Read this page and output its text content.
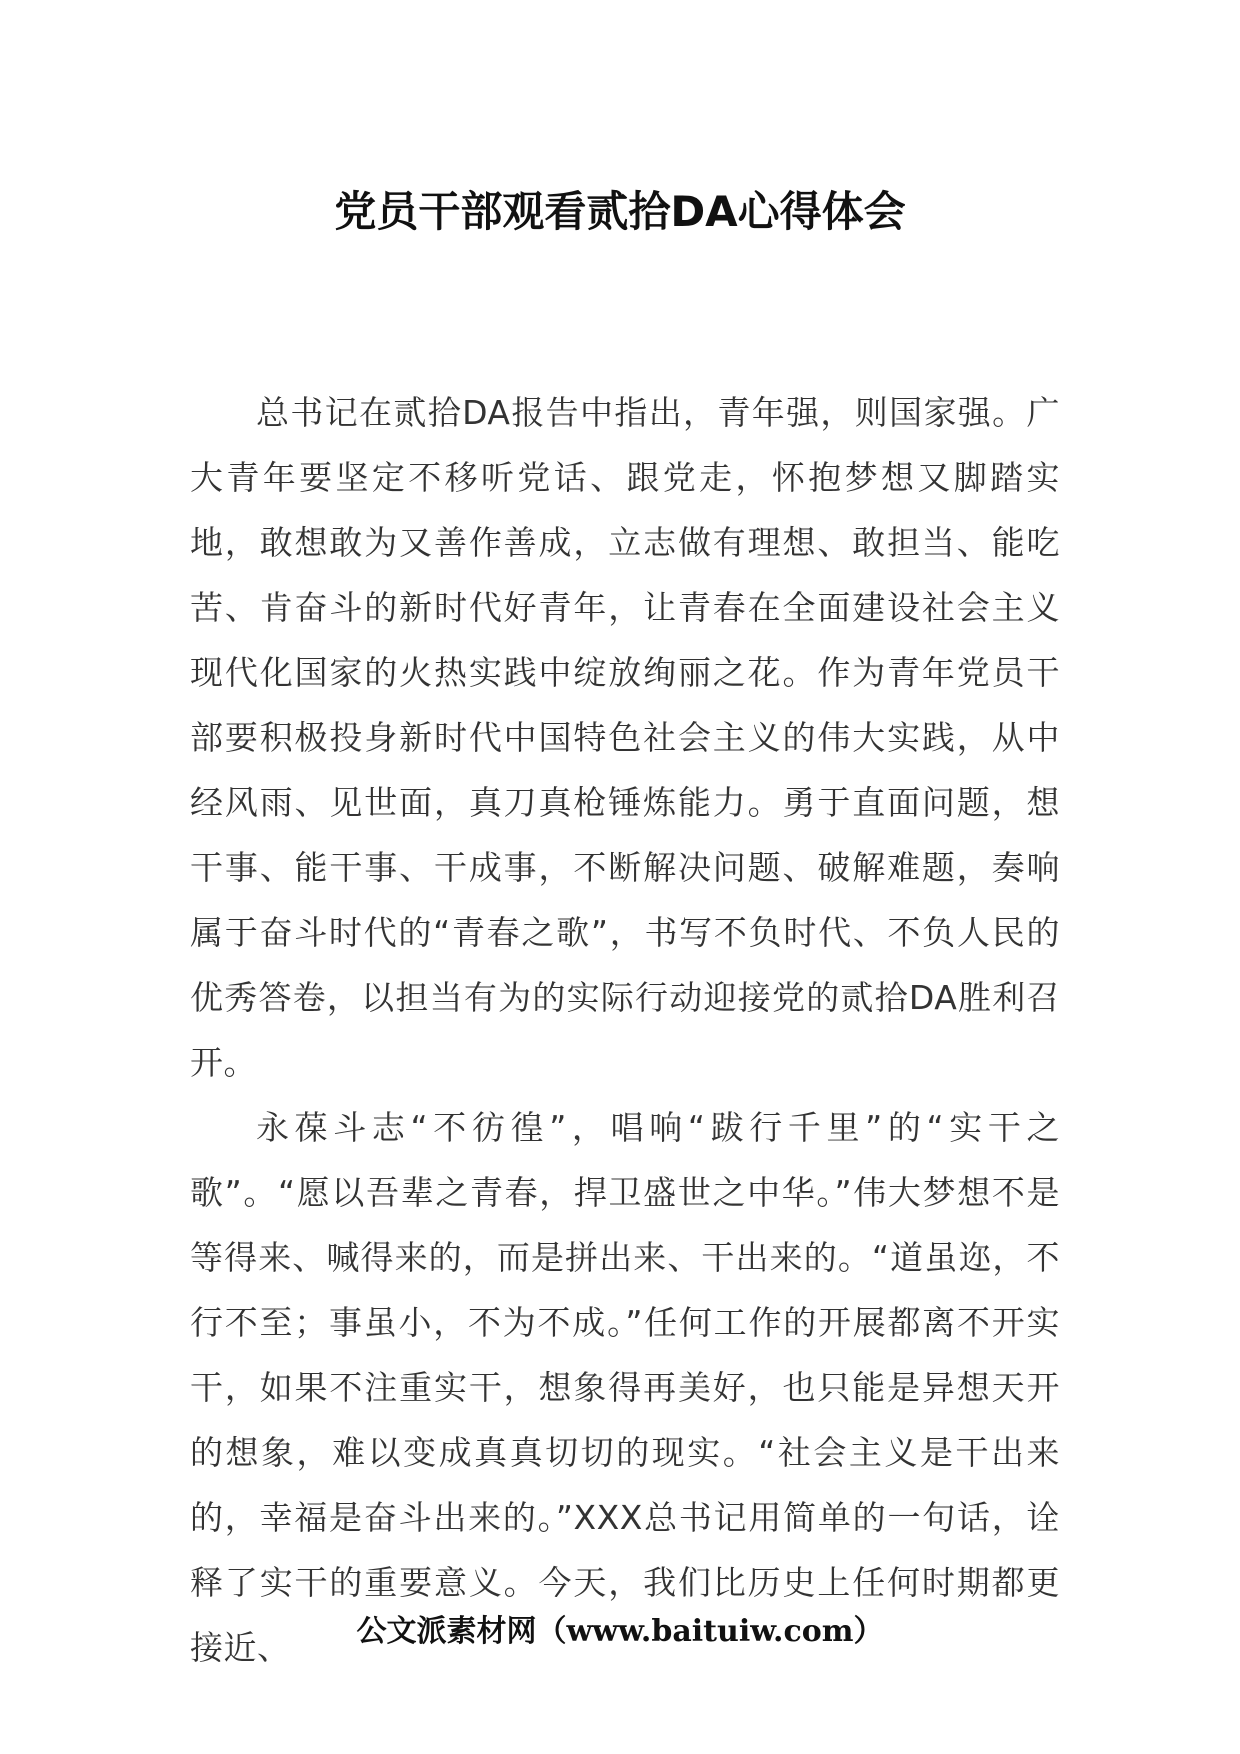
党员干部观看贰拾DA心得体会

总书记在贰拾DA报告中指出，青年强，则国家强。广大青年要坚定不移听党话、跟党走，怀抱梦想又脚踏实地，敢想敢为又善作善成，立志做有理想、敢担当、能吃苦、肯奋斗的新时代好青年，让青春在全面建设社会主义现代化国家的火热实践中绽放绚丽之花。作为青年党员干部要积极投身新时代中国特色社会主义的伟大实践，从中经风雨、见世面，真刀真枪锤炼能力。勇于直面问题，想干事、能干事、干成事，不断解决问题、破解难题，奏响属于奋斗时代的“青春之歌”，书写不负时代、不负人民的优秀答卷，以担当有为的实际行动迎接党的贰拾DA胜利召开。

永葆斗志“不彷徨”，唱响“跋行千里”的“实干之歌”。“愿以吾辈之青春，捍卫盛世之中华。”伟大梦想不是等得来、喊得来的，而是拼出来、干出来的。“道虽迩，不行不至；事虽小，不为不成。”任何工作的开展都离不开实干，如果不注重实干，想象得再美好，也只能是异想天开的想象，难以变成真真切切的现实。“社会主义是干出来的，幸福是奋斗出来的。”XXX总书记用简单的一句话，诠释了实干的重要意义。今天，我们比历史上任何时期都更接近、	公文派素材网（www.baituiw.com）
